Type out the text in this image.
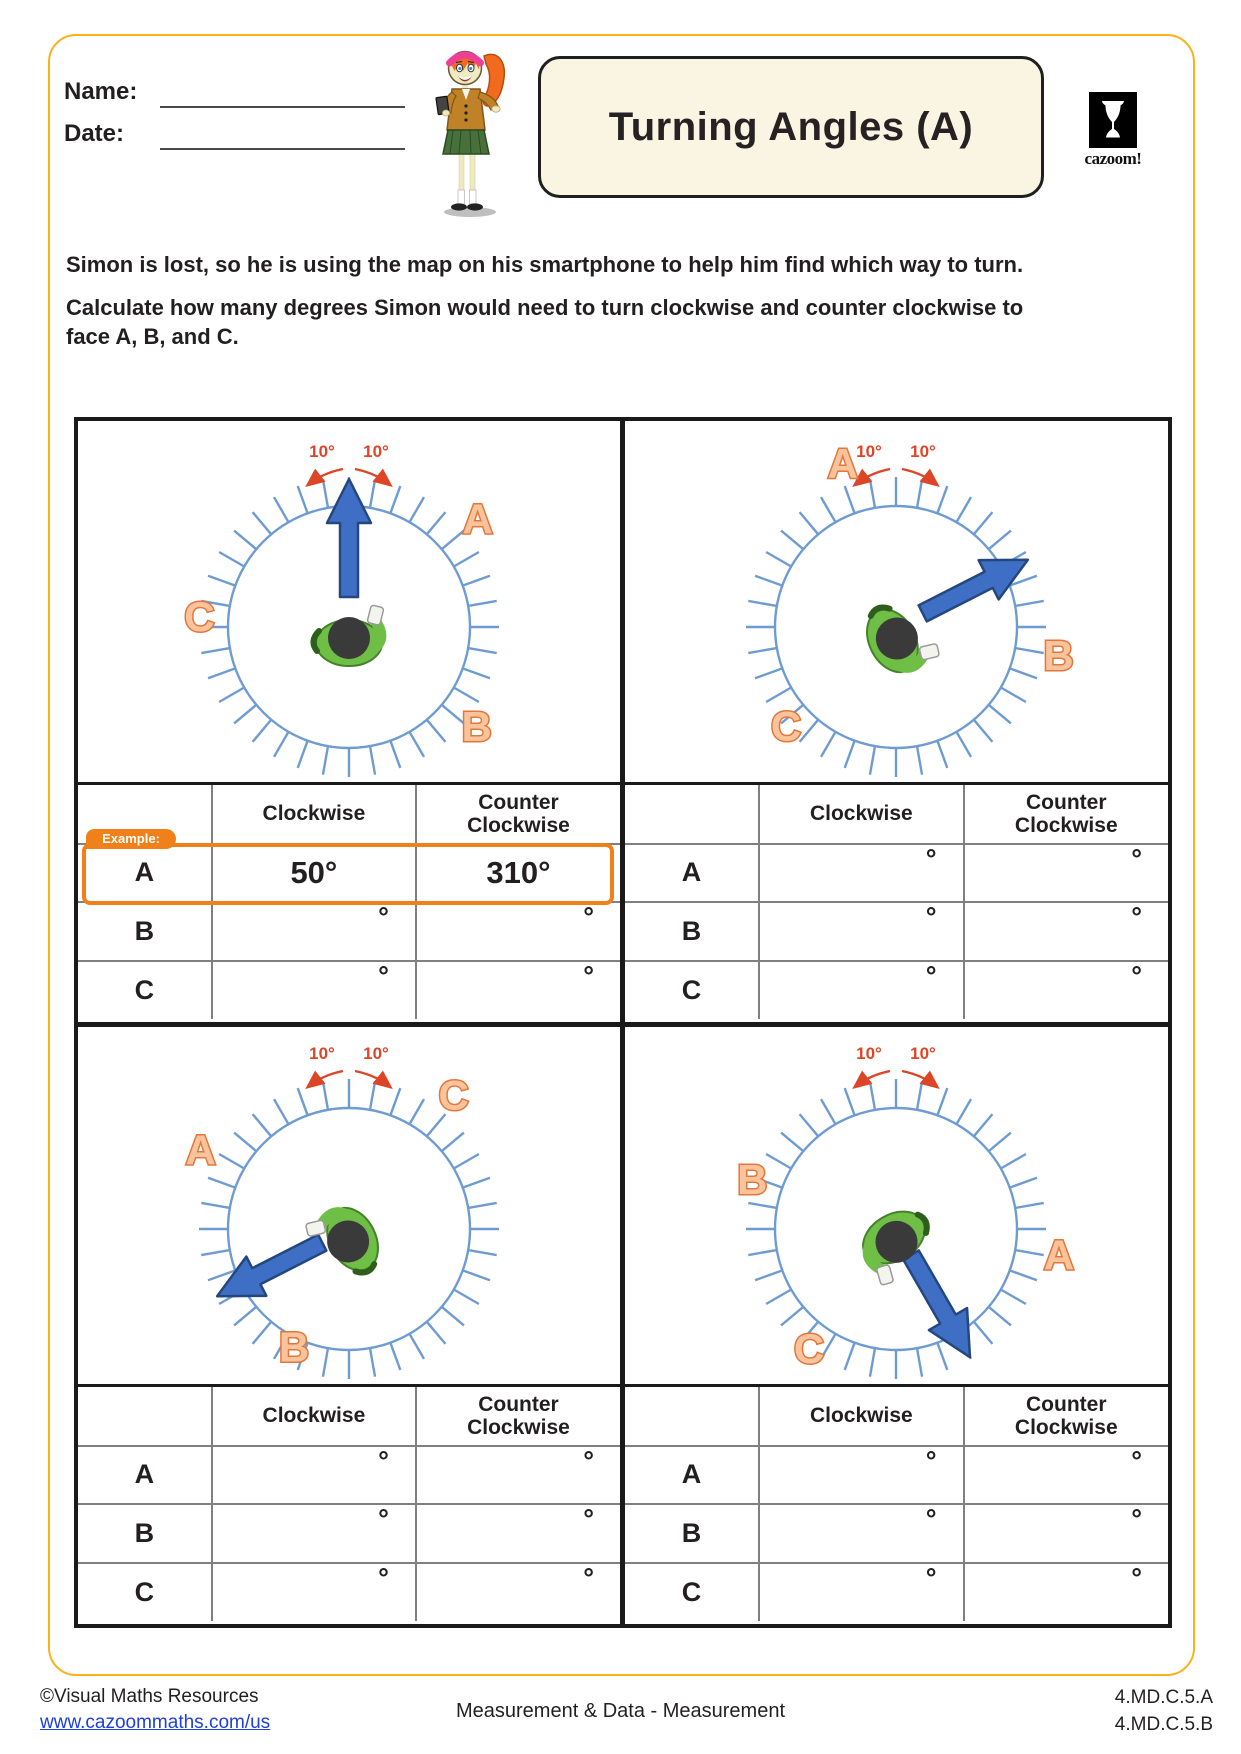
Name:
Date:	Turning Angles (A)
cazoom!

Simon is lost, so he is using the map on his smartphone to help him find which way to turn.

Calculate how many degrees Simon would need to turn clockwise and counter clockwise to face A, B, and C.

10° 10°
A
B
C
	Clockwise	Counter Clockwise
A	50°	310°
B	°	°

C	°	°
Example:
10° 10°
A
B
C
	Clockwise	Counter Clockwise
A	°	°

B	°	°

C	°	°
10° 10°
C
A
B
	Clockwise	Counter Clockwise
A	°	°

B	°	°

C	°	°
10° 10°
B
A
C
	Clockwise	Counter Clockwise
A	°	°

B	°	°

C	°	°
©Visual Maths Resources
www.cazoommaths.com/us
Measurement & Data - Measurement
4.MD.C.5.A
4.MD.C.5.B
